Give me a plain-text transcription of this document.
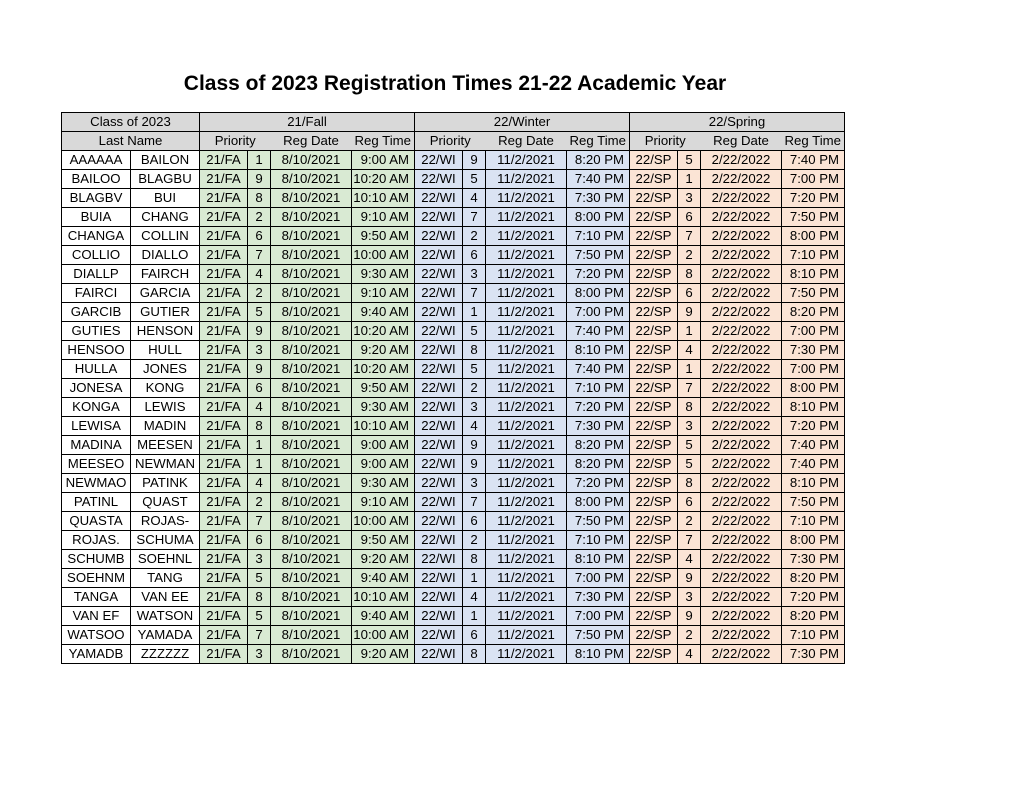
Class of 2023 Registration Times 21-22 Academic Year
Class of 2023		21/Fall				22/Winter				22/Spring			
Last Name		Priority		Reg Date	Reg Time	Priority		Reg Date	Reg Time	Priority		Reg Date	Reg Time
AAAAAA	BAILON	21/FA	1	8/10/2021	9:00 AM	22/WI	9	11/2/2021	8:20 PM	22/SP	5	2/22/2022	7:40 PM
BAILOO	BLAGBU	21/FA	9	8/10/2021	10:20 AM	22/WI	5	11/2/2021	7:40 PM	22/SP	1	2/22/2022	7:00 PM
BLAGBV	BUI	21/FA	8	8/10/2021	10:10 AM	22/WI	4	11/2/2021	7:30 PM	22/SP	3	2/22/2022	7:20 PM
BUIA	CHANG	21/FA	2	8/10/2021	9:10 AM	22/WI	7	11/2/2021	8:00 PM	22/SP	6	2/22/2022	7:50 PM
CHANGA	COLLIN	21/FA	6	8/10/2021	9:50 AM	22/WI	2	11/2/2021	7:10 PM	22/SP	7	2/22/2022	8:00 PM
COLLIO	DIALLO	21/FA	7	8/10/2021	10:00 AM	22/WI	6	11/2/2021	7:50 PM	22/SP	2	2/22/2022	7:10 PM
DIALLP	FAIRCH	21/FA	4	8/10/2021	9:30 AM	22/WI	3	11/2/2021	7:20 PM	22/SP	8	2/22/2022	8:10 PM
FAIRCI	GARCIA	21/FA	2	8/10/2021	9:10 AM	22/WI	7	11/2/2021	8:00 PM	22/SP	6	2/22/2022	7:50 PM
GARCIB	GUTIER	21/FA	5	8/10/2021	9:40 AM	22/WI	1	11/2/2021	7:00 PM	22/SP	9	2/22/2022	8:20 PM
GUTIES	HENSON	21/FA	9	8/10/2021	10:20 AM	22/WI	5	11/2/2021	7:40 PM	22/SP	1	2/22/2022	7:00 PM
HENSOO	HULL	21/FA	3	8/10/2021	9:20 AM	22/WI	8	11/2/2021	8:10 PM	22/SP	4	2/22/2022	7:30 PM
HULLA	JONES	21/FA	9	8/10/2021	10:20 AM	22/WI	5	11/2/2021	7:40 PM	22/SP	1	2/22/2022	7:00 PM
JONESA	KONG	21/FA	6	8/10/2021	9:50 AM	22/WI	2	11/2/2021	7:10 PM	22/SP	7	2/22/2022	8:00 PM
KONGA	LEWIS	21/FA	4	8/10/2021	9:30 AM	22/WI	3	11/2/2021	7:20 PM	22/SP	8	2/22/2022	8:10 PM
LEWISA	MADIN	21/FA	8	8/10/2021	10:10 AM	22/WI	4	11/2/2021	7:30 PM	22/SP	3	2/22/2022	7:20 PM
MADINA	MEESEN	21/FA	1	8/10/2021	9:00 AM	22/WI	9	11/2/2021	8:20 PM	22/SP	5	2/22/2022	7:40 PM
MEESEO	NEWMAN	21/FA	1	8/10/2021	9:00 AM	22/WI	9	11/2/2021	8:20 PM	22/SP	5	2/22/2022	7:40 PM
NEWMAO	PATINK	21/FA	4	8/10/2021	9:30 AM	22/WI	3	11/2/2021	7:20 PM	22/SP	8	2/22/2022	8:10 PM
PATINL	QUAST	21/FA	2	8/10/2021	9:10 AM	22/WI	7	11/2/2021	8:00 PM	22/SP	6	2/22/2022	7:50 PM
QUASTA	ROJAS-	21/FA	7	8/10/2021	10:00 AM	22/WI	6	11/2/2021	7:50 PM	22/SP	2	2/22/2022	7:10 PM
ROJAS.	SCHUMA	21/FA	6	8/10/2021	9:50 AM	22/WI	2	11/2/2021	7:10 PM	22/SP	7	2/22/2022	8:00 PM
SCHUMB	SOEHNL	21/FA	3	8/10/2021	9:20 AM	22/WI	8	11/2/2021	8:10 PM	22/SP	4	2/22/2022	7:30 PM
SOEHNM	TANG	21/FA	5	8/10/2021	9:40 AM	22/WI	1	11/2/2021	7:00 PM	22/SP	9	2/22/2022	8:20 PM
TANGA	VAN EE	21/FA	8	8/10/2021	10:10 AM	22/WI	4	11/2/2021	7:30 PM	22/SP	3	2/22/2022	7:20 PM
VAN EF	WATSON	21/FA	5	8/10/2021	9:40 AM	22/WI	1	11/2/2021	7:00 PM	22/SP	9	2/22/2022	8:20 PM
WATSOO	YAMADA	21/FA	7	8/10/2021	10:00 AM	22/WI	6	11/2/2021	7:50 PM	22/SP	2	2/22/2022	7:10 PM
YAMADB	ZZZZZZ	21/FA	3	8/10/2021	9:20 AM	22/WI	8	11/2/2021	8:10 PM	22/SP	4	2/22/2022	7:30 PM
